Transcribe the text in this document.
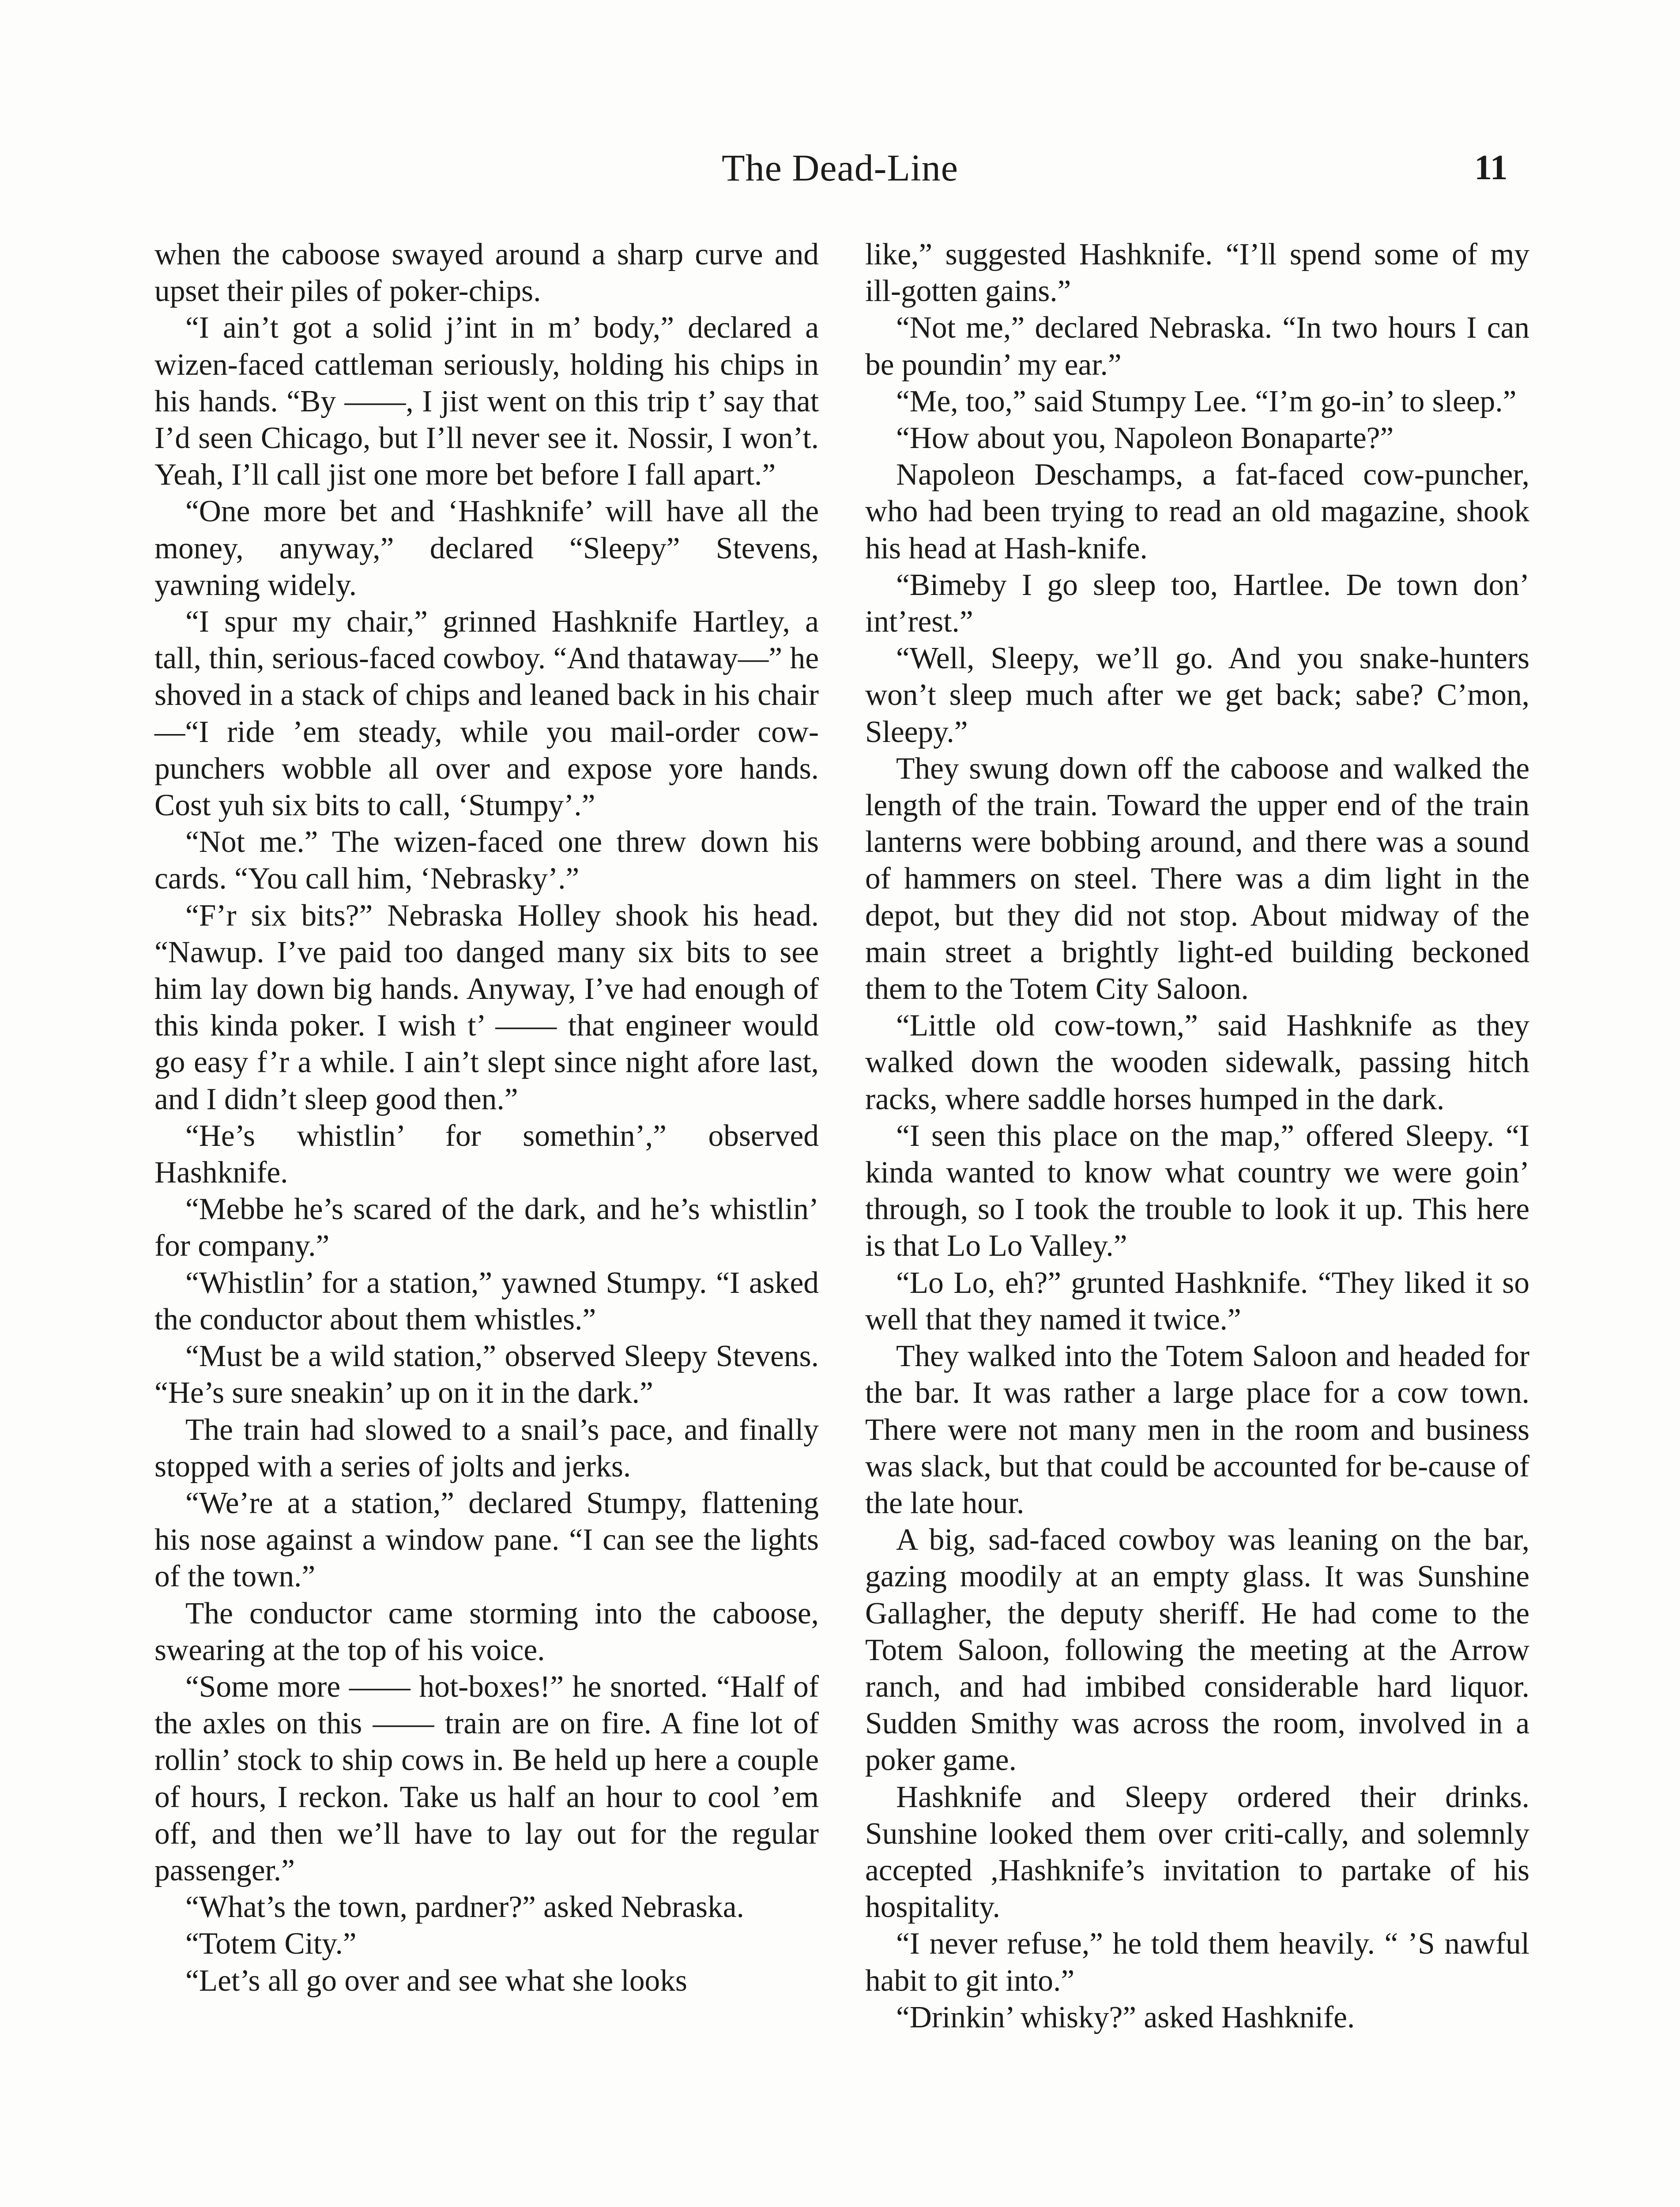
The Dead-Line	11

when the caboose swayed around a sharp curve and upset their piles of poker-chips.

“I ain’t got a solid j’int in m’ body,” declared a wizen-faced cattleman seriously, holding his chips in his hands. “By ——, I jist went on this trip t’ say that I’d seen Chicago, but I’ll never see it. Nossir, I won’t. Yeah, I’ll call jist one more bet before I fall apart.”

“One more bet and ‘Hashknife’ will have all the money, anyway,” declared “Sleepy” Stevens, yawning widely.

“I spur my chair,” grinned Hashknife Hartley, a tall, thin, serious-faced cowboy. “And thataway—” he shoved in a stack of chips and leaned back in his chair—“I ride ’em steady, while you mail-order cow-punchers wobble all over and expose yore hands. Cost yuh six bits to call, ‘Stumpy’.”

“Not me.” The wizen-faced one threw down his cards. “You call him, ‘Nebrasky’.”

“F’r six bits?” Nebraska Holley shook his head. “Nawup. I’ve paid too danged many six bits to see him lay down big hands. Anyway, I’ve had enough of this kinda poker. I wish t’ —— that engineer would go easy f’r a while. I ain’t slept since night afore last, and I didn’t sleep good then.”

“He’s whistlin’ for somethin’,” observed Hashknife.

“Mebbe he’s scared of the dark, and he’s whistlin’ for company.”

“Whistlin’ for a station,” yawned Stumpy. “I asked the conductor about them whistles.”

“Must be a wild station,” observed Sleepy Stevens. “He’s sure sneakin’ up on it in the dark.”

The train had slowed to a snail’s pace, and finally stopped with a series of jolts and jerks.

“We’re at a station,” declared Stumpy, flattening his nose against a window pane. “I can see the lights of the town.”

The conductor came storming into the caboose, swearing at the top of his voice.

“Some more —— hot-boxes!” he snorted. “Half of the axles on this —— train are on fire. A fine lot of rollin’ stock to ship cows in. Be held up here a couple of hours, I reckon. Take us half an hour to cool ’em off, and then we’ll have to lay out for the regular passenger.”

“What’s the town, pardner?” asked Nebraska.

“Totem City.”

“Let’s all go over and see what she looks

like,” suggested Hashknife. “I’ll spend some of my ill-gotten gains.”

“Not me,” declared Nebraska. “In two hours I can be poundin’ my ear.”

“Me, too,” said Stumpy Lee. “I’m go-in’ to sleep.”

“How about you, Napoleon Bonaparte?”

Napoleon Deschamps, a fat-faced cow-puncher, who had been trying to read an old magazine, shook his head at Hash-knife.

“Bimeby I go sleep too, Hartlee. De town don’ int’rest.”

“Well, Sleepy, we’ll go. And you snake-hunters won’t sleep much after we get back; sabe? C’mon, Sleepy.”

They swung down off the caboose and walked the length of the train. Toward the upper end of the train lanterns were bobbing around, and there was a sound of hammers on steel. There was a dim light in the depot, but they did not stop. About midway of the main street a brightly light-ed building beckoned them to the Totem City Saloon.

“Little old cow-town,” said Hashknife as they walked down the wooden sidewalk, passing hitch racks, where saddle horses humped in the dark.

“I seen this place on the map,” offered Sleepy. “I kinda wanted to know what country we were goin’ through, so I took the trouble to look it up. This here is that Lo Lo Valley.”

“Lo Lo, eh?” grunted Hashknife. “They liked it so well that they named it twice.”

They walked into the Totem Saloon and headed for the bar. It was rather a large place for a cow town. There were not many men in the room and business was slack, but that could be accounted for be-cause of the late hour.

A big, sad-faced cowboy was leaning on the bar, gazing moodily at an empty glass. It was Sunshine Gallagher, the deputy sheriff. He had come to the Totem Saloon, following the meeting at the Arrow ranch, and had imbibed considerable hard liquor. Sudden Smithy was across the room, involved in a poker game.

Hashknife and Sleepy ordered their drinks. Sunshine looked them over criti-cally, and solemnly accepted ,Hashknife’s invitation to partake of his hospitality.

“I never refuse,” he told them heavily. “ ’S nawful habit to git into.”

“Drinkin’ whisky?” asked Hashknife.
